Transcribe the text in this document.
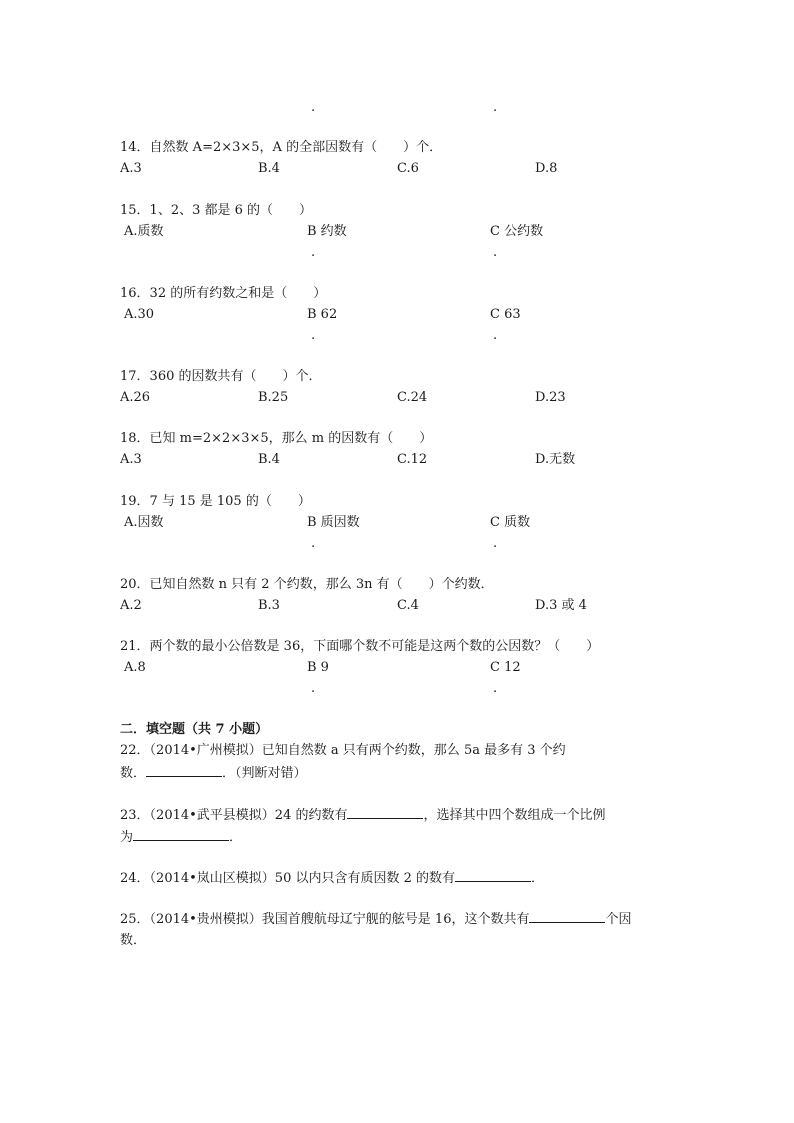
.	.
14．自然数 A=2×3×5，A 的全部因数有（　　）个．
A.3	B.4	C.6	D.8
15．1、2、3 都是 6 的（　　）
A.质数	B 约数	C 公约数
.	.
16．32 的所有约数之和是（　　）
A.30	B 62	C 63
.	.
17．360 的因数共有（　　）个．
A.26	B.25	C.24	D.23
18．已知 m=2×2×3×5，那么 m 的因数有（　　）
A.3	B.4	C.12	D.无数
19．7 与 15 是 105 的（　　）
A.因数	B 质因数	C 质数
.	.
20．已知自然数 n 只有 2 个约数，那么 3n 有（　　）个约数．
A.2	B.3	C.4	D.3 或 4
21．两个数的最小公倍数是 36，下面哪个数不可能是这两个数的公因数？（　　）
A.8	B 9	C 12
.	.
二．填空题（共 7 小题）
22．（2014•广州模拟）已知自然数 a 只有两个约数，那么 5a 最多有 3 个约
数．	．（判断对错）
23．（2014•武平县模拟）24 的约数有	，选择其中四个数组成一个比例
为	．
24．（2014•岚山区模拟）50 以内只含有质因数 2 的数有	．
25．（2014•贵州模拟）我国首艘航母辽宁舰的舷号是 16，这个数共有	个因
数．
